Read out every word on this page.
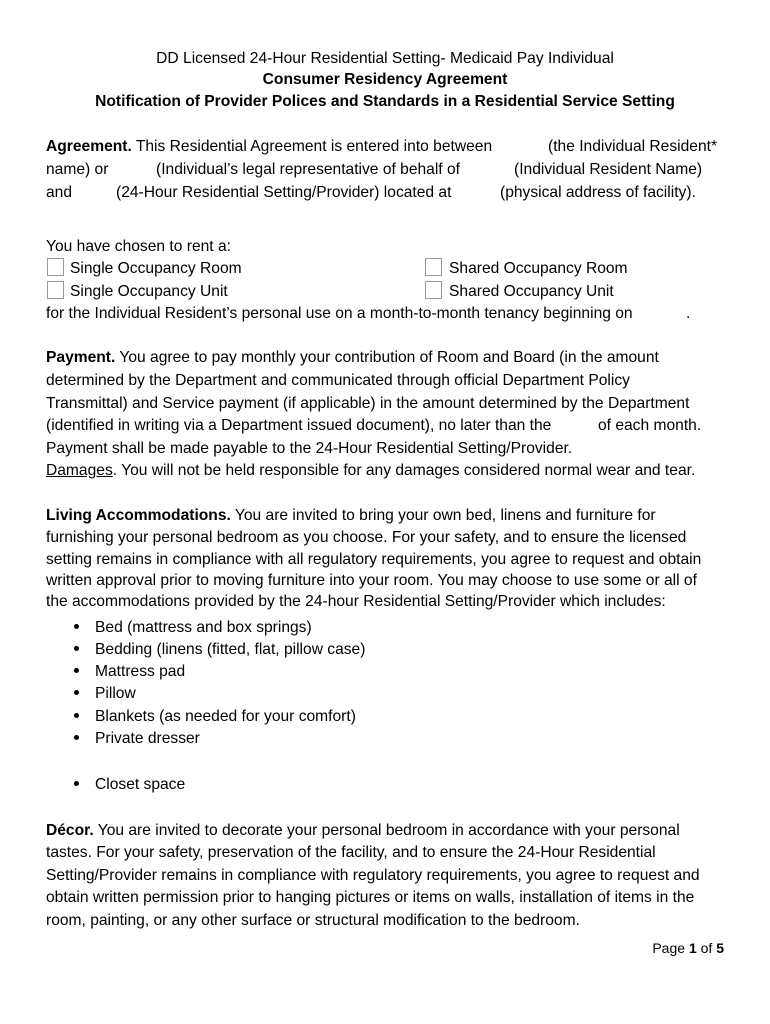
DD Licensed 24-Hour Residential Setting- Medicaid Pay Individual
Consumer Residency Agreement
Notification of Provider Polices and Standards in a Residential Service Setting
Agreement. This Residential Agreement is entered into between	(the Individual Resident*
name) or	(Individual’s legal representative of behalf of	(Individual Resident Name)
and	(24-Hour Residential Setting/Provider) located at	(physical address of facility).
You have chosen to rent a:
Single Occupancy Room	Shared Occupancy Room
Single Occupancy Unit	Shared Occupancy Unit
for the Individual Resident’s personal use on a month-to-month tenancy beginning on	.
Payment. You agree to pay monthly your contribution of Room and Board (in the amount
determined by the Department and communicated through official Department Policy
Transmittal) and Service payment (if applicable) in the amount determined by the Department
(identified in writing via a Department issued document), no later than the	of each month.
Payment shall be made payable to the 24-Hour Residential Setting/Provider.
Damages. You will not be held responsible for any damages considered normal wear and tear.
Living Accommodations. You are invited to bring your own bed, linens and furniture for
furnishing your personal bedroom as you choose. For your safety, and to ensure the licensed
setting remains in compliance with all regulatory requirements, you agree to request and obtain
written approval prior to moving furniture into your room. You may choose to use some or all of
the accommodations provided by the 24-hour Residential Setting/Provider which includes:
Bed (mattress and box springs)
Bedding (linens (fitted, flat, pillow case)
Mattress pad
Pillow
Blankets (as needed for your comfort)
Private dresser
Closet space
Décor. You are invited to decorate your personal bedroom in accordance with your personal
tastes. For your safety, preservation of the facility, and to ensure the 24-Hour Residential
Setting/Provider remains in compliance with regulatory requirements, you agree to request and
obtain written permission prior to hanging pictures or items on walls, installation of items in the
room, painting, or any other surface or structural modification to the bedroom.
Page 1 of 5
